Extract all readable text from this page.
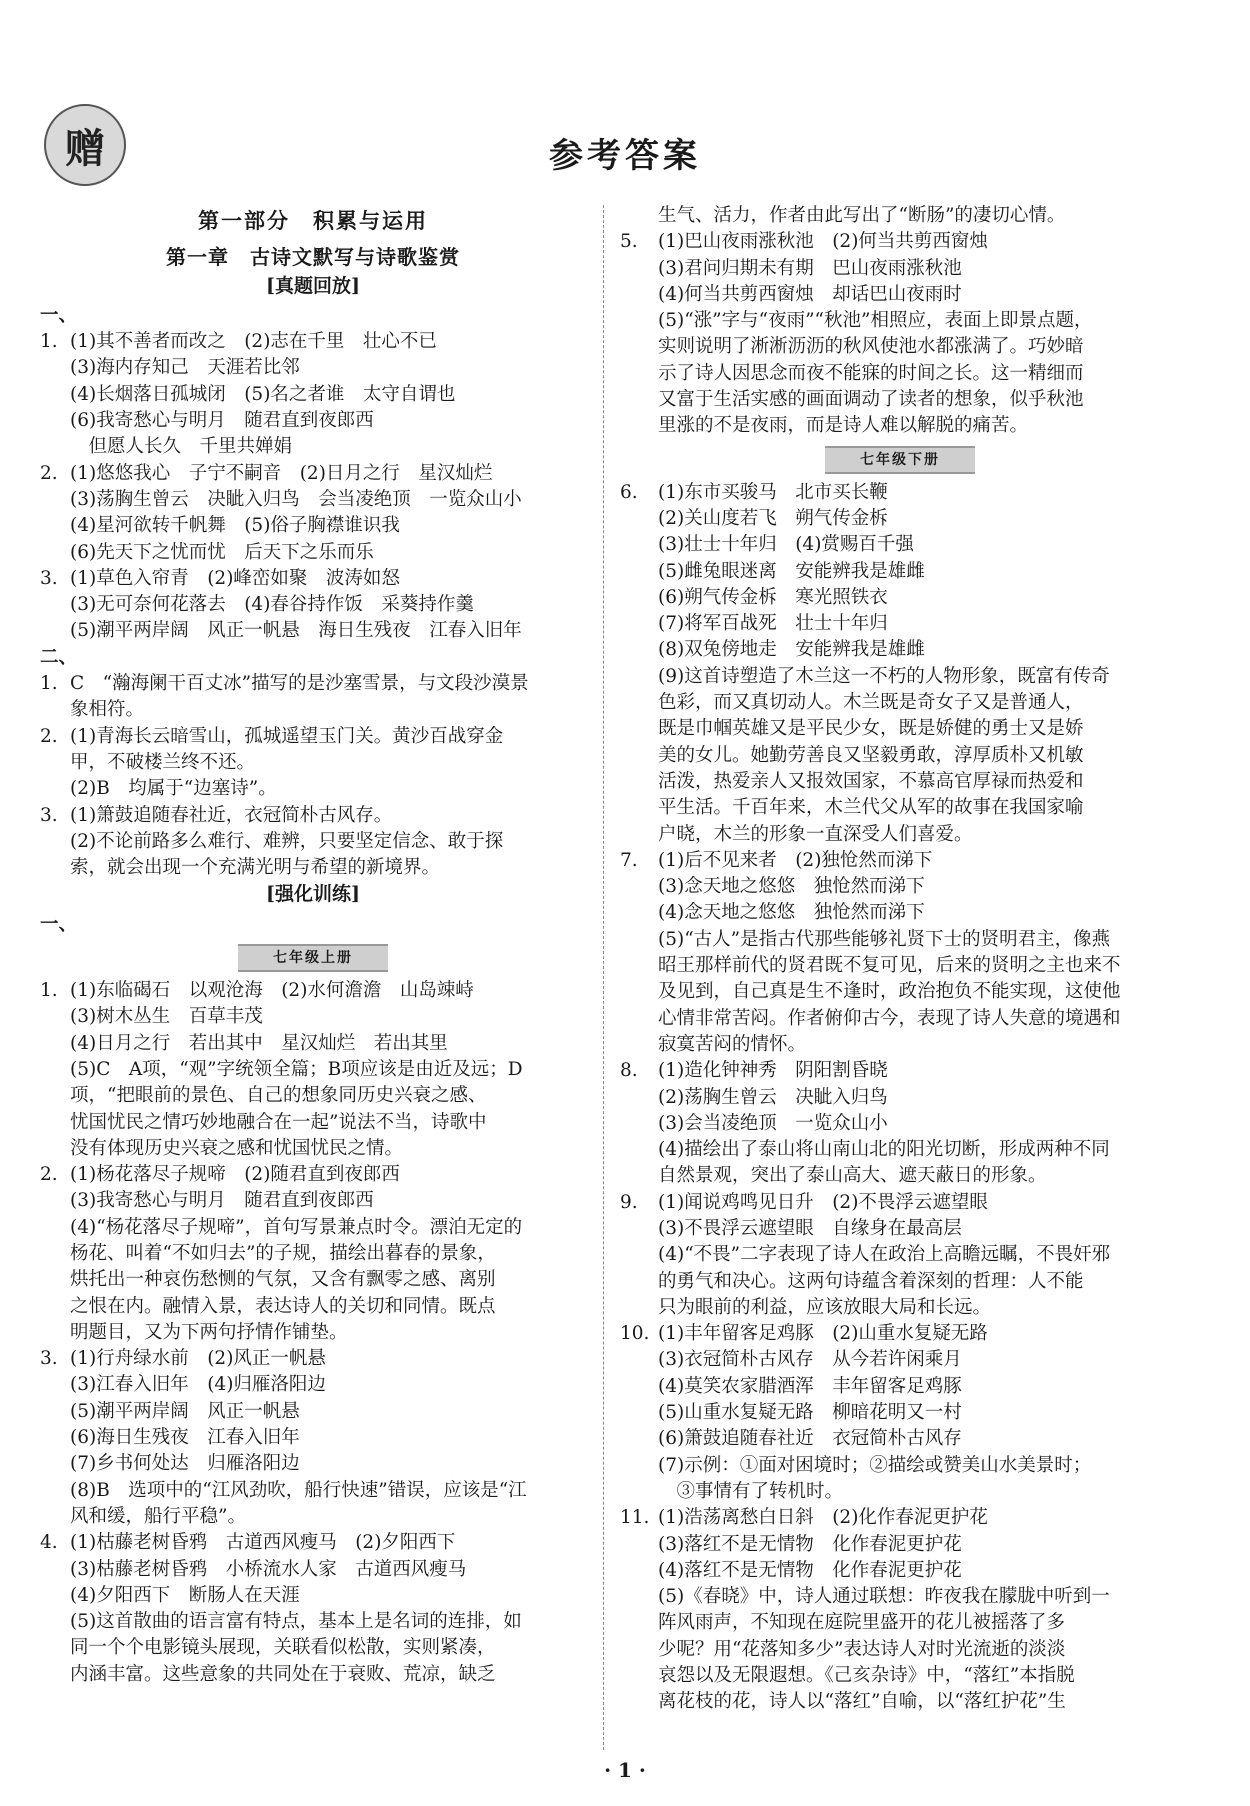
赠	参考答案
第一部分　积累与运用
第一章　古诗文默写与诗歌鉴赏
[真题回放]
一、
1. (1)其不善者而改之　(2)志在千里　壮心不已
(3)海内存知己　天涯若比邻
(4)长烟落日孤城闭　(5)名之者谁　太守自谓也
(6)我寄愁心与明月　随君直到夜郎西
　但愿人长久　千里共婵娟
2. (1)悠悠我心　子宁不嗣音　(2)日月之行　星汉灿烂
(3)荡胸生曾云　决眦入归鸟　会当凌绝顶　一览众山小
(4)星河欲转千帆舞　(5)俗子胸襟谁识我
(6)先天下之忧而忧　后天下之乐而乐
3. (1)草色入帘青　(2)峰峦如聚　波涛如怒
(3)无可奈何花落去　(4)春谷持作饭　采葵持作羹
(5)潮平两岸阔　风正一帆悬　海日生残夜　江春入旧年
二、
1. C　“瀚海阑干百丈冰”描写的是沙塞雪景，与文段沙漠景
象相符。
2. (1)青海长云暗雪山，孤城遥望玉门关。黄沙百战穿金
甲，不破楼兰终不还。
(2)B　均属于“边塞诗”。
3. (1)箫鼓追随春社近，衣冠简朴古风存。
(2)不论前路多么难行、难辨，只要坚定信念、敢于探
索，就会出现一个充满光明与希望的新境界。
[强化训练]
一、
七年级上册
1. (1)东临碣石　以观沧海　(2)水何澹澹　山岛竦峙
(3)树木丛生　百草丰茂
(4)日月之行　若出其中　星汉灿烂　若出其里
(5)C　A项，“观”字统领全篇；B项应该是由近及远；D
项，“把眼前的景色、自己的想象同历史兴衰之感、
忧国忧民之情巧妙地融合在一起”说法不当，诗歌中
没有体现历史兴衰之感和忧国忧民之情。
2. (1)杨花落尽子规啼　(2)随君直到夜郎西
(3)我寄愁心与明月　随君直到夜郎西
(4)“杨花落尽子规啼”，首句写景兼点时令。漂泊无定的
杨花、叫着“不如归去”的子规，描绘出暮春的景象，
烘托出一种哀伤愁恻的气氛，又含有飘零之感、离别
之恨在内。融情入景，表达诗人的关切和同情。既点
明题目，又为下两句抒情作铺垫。
3. (1)行舟绿水前　(2)风正一帆悬
(3)江春入旧年　(4)归雁洛阳边
(5)潮平两岸阔　风正一帆悬
(6)海日生残夜　江春入旧年
(7)乡书何处达　归雁洛阳边
(8)B　选项中的“江风劲吹，船行快速”错误，应该是“江
风和缓，船行平稳”。
4. (1)枯藤老树昏鸦　古道西风瘦马　(2)夕阳西下
(3)枯藤老树昏鸦　小桥流水人家　古道西风瘦马
(4)夕阳西下　断肠人在天涯
(5)这首散曲的语言富有特点，基本上是名词的连排，如
同一个个电影镜头展现，关联看似松散，实则紧凑，
内涵丰富。这些意象的共同处在于衰败、荒凉，缺乏
生气、活力，作者由此写出了“断肠”的凄切心情。
5.	(1)巴山夜雨涨秋池　(2)何当共剪西窗烛
(3)君问归期未有期　巴山夜雨涨秋池
(4)何当共剪西窗烛　却话巴山夜雨时
(5)“涨”字与“夜雨”“秋池”相照应，表面上即景点题，
实则说明了淅淅沥沥的秋风使池水都涨满了。巧妙暗
示了诗人因思念而夜不能寐的时间之长。这一精细而
又富于生活实感的画面调动了读者的想象，似乎秋池
里涨的不是夜雨，而是诗人难以解脱的痛苦。
七年级下册
6.	(1)东市买骏马　北市买长鞭
(2)关山度若飞　朔气传金柝
(3)壮士十年归　(4)赏赐百千强
(5)雌兔眼迷离　安能辨我是雄雌
(6)朔气传金柝　寒光照铁衣
(7)将军百战死　壮士十年归
(8)双兔傍地走　安能辨我是雄雌
(9)这首诗塑造了木兰这一不朽的人物形象，既富有传奇
色彩，而又真切动人。木兰既是奇女子又是普通人，
既是巾帼英雄又是平民少女，既是娇健的勇士又是娇
美的女儿。她勤劳善良又坚毅勇敢，淳厚质朴又机敏
活泼，热爱亲人又报效国家，不慕高官厚禄而热爱和
平生活。千百年来，木兰代父从军的故事在我国家喻
户晓，木兰的形象一直深受人们喜爱。
7.	(1)后不见来者　(2)独怆然而涕下
(3)念天地之悠悠　独怆然而涕下
(4)念天地之悠悠　独怆然而涕下
(5)“古人”是指古代那些能够礼贤下士的贤明君主，像燕
昭王那样前代的贤君既不复可见，后来的贤明之主也来不
及见到，自己真是生不逢时，政治抱负不能实现，这使他
心情非常苦闷。作者俯仰古今，表现了诗人失意的境遇和
寂寞苦闷的情怀。
8.	(1)造化钟神秀　阴阳割昏晓
(2)荡胸生曾云　决眦入归鸟
(3)会当凌绝顶　一览众山小
(4)描绘出了泰山将山南山北的阳光切断，形成两种不同
自然景观，突出了泰山高大、遮天蔽日的形象。
9.	(1)闻说鸡鸣见日升　(2)不畏浮云遮望眼
(3)不畏浮云遮望眼　自缘身在最高层
(4)“不畏”二字表现了诗人在政治上高瞻远瞩，不畏奸邪
的勇气和决心。这两句诗蕴含着深刻的哲理：人不能
只为眼前的利益，应该放眼大局和长远。
10. (1)丰年留客足鸡豚　(2)山重水复疑无路
(3)衣冠简朴古风存　从今若许闲乘月
(4)莫笑农家腊酒浑　丰年留客足鸡豚
(5)山重水复疑无路　柳暗花明又一村
(6)箫鼓追随春社近　衣冠简朴古风存
(7)示例：①面对困境时；②描绘或赞美山水美景时；
　③事情有了转机时。
11. (1)浩荡离愁白日斜　(2)化作春泥更护花
(3)落红不是无情物　化作春泥更护花
(4)落红不是无情物　化作春泥更护花
(5)《春晓》中，诗人通过联想：昨夜我在朦胧中听到一
阵风雨声，不知现在庭院里盛开的花儿被摇落了多
少呢？用“花落知多少”表达诗人对时光流逝的淡淡
哀怨以及无限遐想。《己亥杂诗》中，“落红”本指脱
离花枝的花，诗人以“落红”自喻，以“落红护花”生
· 1 ·
